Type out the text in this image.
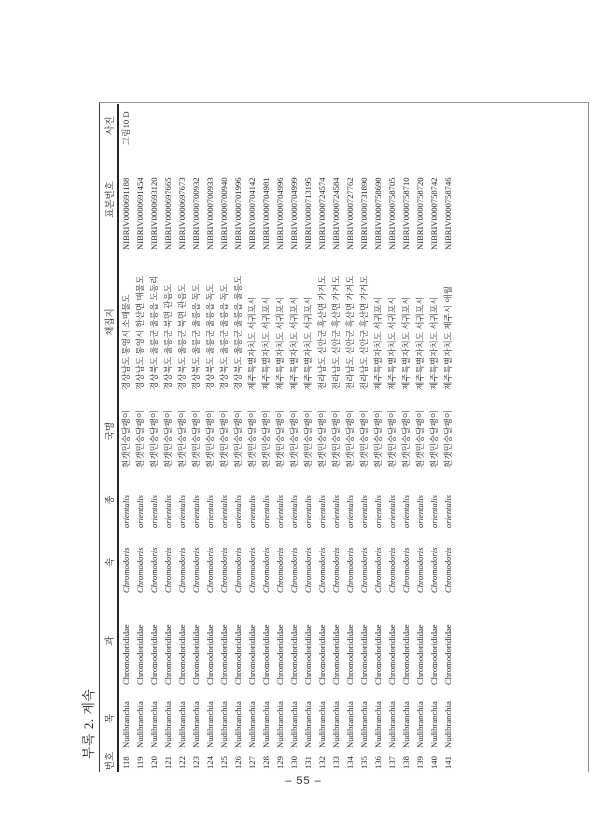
부록 2. 계속
번호	목	과	속	종	국명	채집지	표본번호	사진
118	Nudibranchia	Chromodorididae	Chromodoris	orientalis	흰갯민숭달팽이	경상남도 통영시 소매물도	NIBRIV0000691188	그림10 D
119	Nudibranchia	Chromodorididae	Chromodoris	orientalis	흰갯민숭달팽이	경상남도 통영시 한산면 매물도	NIBRIV0000691454	
120	Nudibranchia	Chromodorididae	Chromodoris	orientalis	흰갯민숭달팽이	경상북도 울릉군 울릉읍 도동리	NIBRIV0000693120	
121	Nudibranchia	Chromodorididae	Chromodoris	orientalis	흰갯민숭달팽이	경상북도 울릉군 북면 관음도	NIBRIV0000697665	
122	Nudibranchia	Chromodorididae	Chromodoris	orientalis	흰갯민숭달팽이	경상북도 울릉군 북면 관음도	NIBRIV0000697673	
123	Nudibranchia	Chromodorididae	Chromodoris	orientalis	흰갯민숭달팽이	경상북도 울릉군 울릉읍 독도	NIBRIV0000700932	
124	Nudibranchia	Chromodorididae	Chromodoris	orientalis	흰갯민숭달팽이	경상북도 울릉군 울릉읍 독도	NIBRIV0000700933	
125	Nudibranchia	Chromodorididae	Chromodoris	orientalis	흰갯민숭달팽이	경상북도 울릉군 울릉읍 독도	NIBRIV0000700940	
126	Nudibranchia	Chromodorididae	Chromodoris	orientalis	흰갯민숭달팽이	경상북도 울릉군 울릉읍 울릉도	NIBRIV0000701996	
127	Nudibranchia	Chromodorididae	Chromodoris	orientalis	흰갯민숭달팽이	제주특별자치도 서귀포시	NIBRIV0000704142	
128	Nudibranchia	Chromodorididae	Chromodoris	orientalis	흰갯민숭달팽이	제주특별자치도 서귀포시	NIBRIV0000704981	
129	Nudibranchia	Chromodorididae	Chromodoris	orientalis	흰갯민숭달팽이	제주특별자치도 서귀포시	NIBRIV0000704996	
130	Nudibranchia	Chromodorididae	Chromodoris	orientalis	흰갯민숭달팽이	제주특별자치도 서귀포시	NIBRIV0000704999	
131	Nudibranchia	Chromodorididae	Chromodoris	orientalis	흰갯민숭달팽이	제주특별자치도 서귀포시	NIBRIV0000713195	
132	Nudibranchia	Chromodorididae	Chromodoris	orientalis	흰갯민숭달팽이	전라남도 신안군 흑산면 가거도	NIBRIV0000724574	
133	Nudibranchia	Chromodorididae	Chromodoris	orientalis	흰갯민숭달팽이	전라남도 신안군 흑산면 가거도	NIBRIV0000724584	
134	Nudibranchia	Chromodorididae	Chromodoris	orientalis	흰갯민숭달팽이	전라남도 신안군 흑산면 가거도	NIBRIV0000727762	
135	Nudibranchia	Chromodorididae	Chromodoris	orientalis	흰갯민숭달팽이	전라남도 신안군 흑산면 가거도	NIBRIV0000731890	
136	Nudibranchia	Chromodorididae	Chromodoris	orientalis	흰갯민숭달팽이	제주특별자치도 서귀포시	NIBRIV0000758690	
137	Nudibranchia	Chromodorididae	Chromodoris	orientalis	흰갯민숭달팽이	제주특별자치도 서귀포시	NIBRIV0000758705	
138	Nudibranchia	Chromodorididae	Chromodoris	orientalis	흰갯민숭달팽이	제주특별자치도 서귀포시	NIBRIV0000758710	
139	Nudibranchia	Chromodorididae	Chromodoris	orientalis	흰갯민숭달팽이	제주특별자치도 서귀포시	NIBRIV0000758720	
140	Nudibranchia	Chromodorididae	Chromodoris	orientalis	흰갯민숭달팽이	제주특별자치도 서귀포시	NIBRIV0000758742	
141	Nudibranchia	Chromodorididae	Chromodoris	orientalis	흰갯민숭달팽이	제주특별자치도 제주시 애월	NIBRIV0000758746	
– 55 –
